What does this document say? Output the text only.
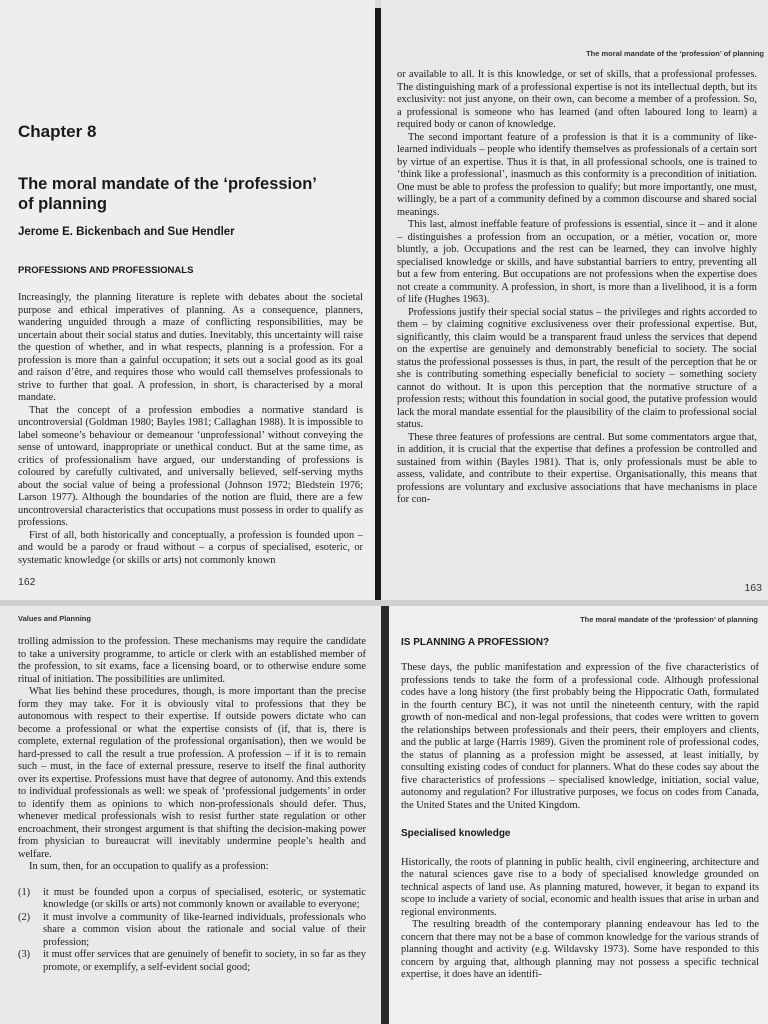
Chapter 8
The moral mandate of the ‘profession’
of planning
Jerome E. Bickenbach and Sue Hendler
PROFESSIONS AND PROFESSIONALS

Increasingly, the planning literature is replete with debates about the societal purpose and ethical imperatives of planning. As a consequence, planners, wandering unguided through a maze of conflicting responsibilities, may be uncertain about their social status and duties. Inevitably, this uncertainty will raise the question of whether, and in what respects, planning is a profession. For a profession is more than a gainful occupation; it sets out a social good as its goal and raison d’être, and requires those who would call themselves professionals to strive to further that goal. A profession, in short, is characterised by a moral mandate.

That the concept of a profession embodies a normative standard is uncontroversial (Goldman 1980; Bayles 1981; Callaghan 1988). It is impossible to label someone’s behaviour or demeanour ‘unprofessional’ without conveying the sense of untoward, inappropriate or unethical conduct. But at the same time, as critics of professionalism have argued, our understanding of professions is coloured by carefully cultivated, and universally believed, self-serving myths about the social value of being a professional (Johnson 1972; Bledstein 1976; Larson 1977). Although the boundaries of the notion are fluid, there are a few uncontroversial characteristics that occupations must possess in order to qualify as professions.

First of all, both historically and conceptually, a profession is founded upon – and would be a parody or fraud without – a corpus of specialised, esoteric, or systematic knowledge (or skills or arts) not commonly known

162
The moral mandate of the ‘profession’ of planning

or available to all. It is this knowledge, or set of skills, that a professional professes. The distinguishing mark of a professional expertise is not its intellectual depth, but its exclusivity: not just anyone, on their own, can become a member of a profession. So, a professional is someone who has learned (and often laboured long to learn) a required body or canon of knowledge.

The second important feature of a profession is that it is a community of like-learned individuals – people who identify themselves as professionals of a certain sort by virtue of an expertise. Thus it is that, in all professional schools, one is trained to ‘think like a professional’, inasmuch as this conformity is a precondition of initiation. One must be able to profess the profession to qualify; but more importantly, one must, willingly, be a part of a community defined by a common discourse and shared social meanings.

This last, almost ineffable feature of professions is essential, since it – and it alone – distinguishes a profession from an occupation, or a métier, vocation or, more bluntly, a job. Occupations and the rest can be learned, they can involve highly specialised knowledge or skills, and have substantial barriers to entry, preventing all but a few from entering. But occupations are not professions when the expertise does not create a community. A profession, in short, is more than a livelihood, it is a form of life (Hughes 1963).

Professions justify their special social status – the privileges and rights accorded to them – by claiming cognitive exclusiveness over their professional expertise. But, significantly, this claim would be a transparent fraud unless the services that depend on the expertise are genuinely and demonstrably beneficial to society. The social status the professional possesses is thus, in part, the result of the perception that he or she is contributing something especially beneficial to society – something society cannot do without. It is upon this perception that the normative structure of a profession rests; without this foundation in social good, the putative profession would lack the moral mandate essential for the plausibility of the claim to professional social status.

These three features of professions are central. But some commentators argue that, in addition, it is crucial that the expertise that defines a profession be controlled and sustained from within (Bayles 1981). That is, only professionals must be able to assess, validate, and contribute to their expertise. Organisationally, this means that professions are voluntary and exclusive associations that have mechanisms in place for con-

163
Values and Planning

trolling admission to the profession. These mechanisms may require the candidate to take a university programme, to article or clerk with an established member of the profession, to sit exams, face a licensing board, or to otherwise endure some ritual of initiation. The possibilities are unlimited.

What lies behind these procedures, though, is more important than the precise form they may take. For it is obviously vital to professions that they be autonomous with respect to their expertise. If outside powers dictate who can become a professional or what the expertise consists of (if, that is, there is complete, external regulation of the professional organisation), then we would be hard-pressed to call the result a true profession. A profession – if it is to remain such – must, in the face of external pressure, reserve to itself the final authority over its expertise. Professions must have that degree of autonomy. And this extends to individual professionals as well: we speak of ‘professional judgements’ in order to identify them as opinions to which non-professionals should defer. Thus, whenever medical professionals wish to resist further state regulation or other encroachment, their strongest argument is that shifting the decision-making power from physician to bureaucrat will inevitably undermine people’s health and welfare.

In sum, then, for an occupation to qualify as a profession:

(1) it must be founded upon a corpus of specialised, esoteric, or systematic knowledge (or skills or arts) not commonly known or available to everyone;
(2) it must involve a community of like-learned individuals, professionals who share a common vision about the rationale and social value of their profession;
(3) it must offer services that are genuinely of benefit to society, in so far as they promote, or exemplify, a self-evident social good;
The moral mandate of the ‘profession’ of planning
IS PLANNING A PROFESSION?

These days, the public manifestation and expression of the five characteristics of professions tends to take the form of a professional code. Although professional codes have a long history (the first probably being the Hippocratic Oath, formulated in the fourth century BC), it was not until the nineteenth century, with the rapid growth of non-medical and non-legal professions, that codes were written to govern the relationships between professionals and their peers, their employers and clients, and the public at large (Harris 1989). Given the prominent role of professional codes, the status of planning as a profession might be assessed, at least initially, by consulting existing codes of conduct for planners. What do these codes say about the five characteristics of professions – specialised knowledge, initiation, social value, autonomy and regulation? For illustrative purposes, we focus on codes from Canada, the United States and the United Kingdom.

Specialised knowledge

Historically, the roots of planning in public health, civil engineering, architecture and the natural sciences gave rise to a body of specialised knowledge grounded on technical aspects of land use. As planning matured, however, it began to expand its scope to include a variety of social, economic and health issues that arise in urban and regional environments.

The resulting breadth of the contemporary planning endeavour has led to the concern that there may not be a base of common knowledge for the various strands of planning thought and activity (e.g. Wildavsky 1973). Some have responded to this concern by arguing that, although planning may not possess a specific technical expertise, it does have an identifi-
